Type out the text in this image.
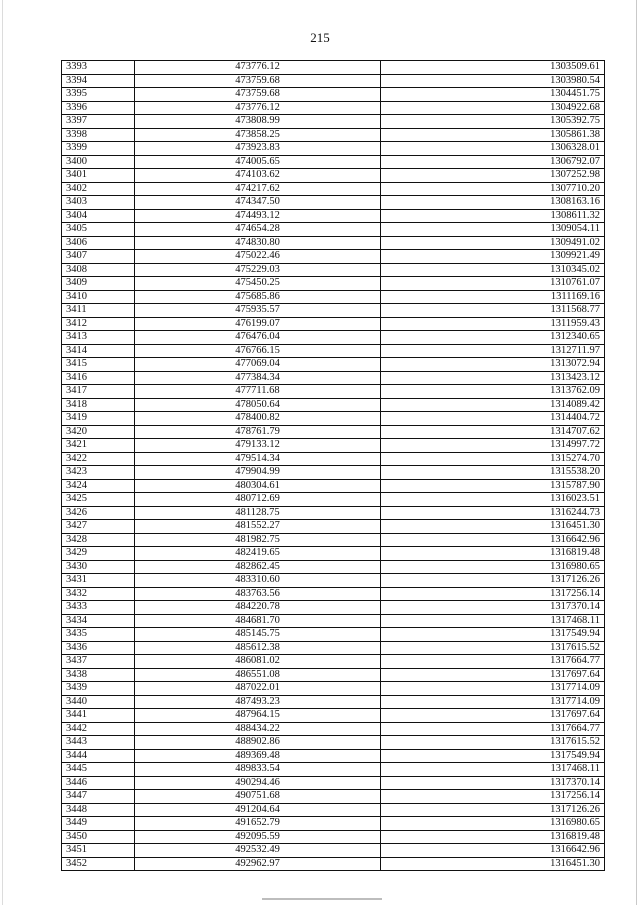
215
3393	473776.12	1303509.61
3394	473759.68	1303980.54
3395	473759.68	1304451.75
3396	473776.12	1304922.68
3397	473808.99	1305392.75
3398	473858.25	1305861.38
3399	473923.83	1306328.01
3400	474005.65	1306792.07
3401	474103.62	1307252.98
3402	474217.62	1307710.20
3403	474347.50	1308163.16
3404	474493.12	1308611.32
3405	474654.28	1309054.11
3406	474830.80	1309491.02
3407	475022.46	1309921.49
3408	475229.03	1310345.02
3409	475450.25	1310761.07
3410	475685.86	1311169.16
3411	475935.57	1311568.77
3412	476199.07	1311959.43
3413	476476.04	1312340.65
3414	476766.15	1312711.97
3415	477069.04	1313072.94
3416	477384.34	1313423.12
3417	477711.68	1313762.09
3418	478050.64	1314089.42
3419	478400.82	1314404.72
3420	478761.79	1314707.62
3421	479133.12	1314997.72
3422	479514.34	1315274.70
3423	479904.99	1315538.20
3424	480304.61	1315787.90
3425	480712.69	1316023.51
3426	481128.75	1316244.73
3427	481552.27	1316451.30
3428	481982.75	1316642.96
3429	482419.65	1316819.48
3430	482862.45	1316980.65
3431	483310.60	1317126.26
3432	483763.56	1317256.14
3433	484220.78	1317370.14
3434	484681.70	1317468.11
3435	485145.75	1317549.94
3436	485612.38	1317615.52
3437	486081.02	1317664.77
3438	486551.08	1317697.64
3439	487022.01	1317714.09
3440	487493.23	1317714.09
3441	487964.15	1317697.64
3442	488434.22	1317664.77
3443	488902.86	1317615.52
3444	489369.48	1317549.94
3445	489833.54	1317468.11
3446	490294.46	1317370.14
3447	490751.68	1317256.14
3448	491204.64	1317126.26
3449	491652.79	1316980.65
3450	492095.59	1316819.48
3451	492532.49	1316642.96
3452	492962.97	1316451.30
